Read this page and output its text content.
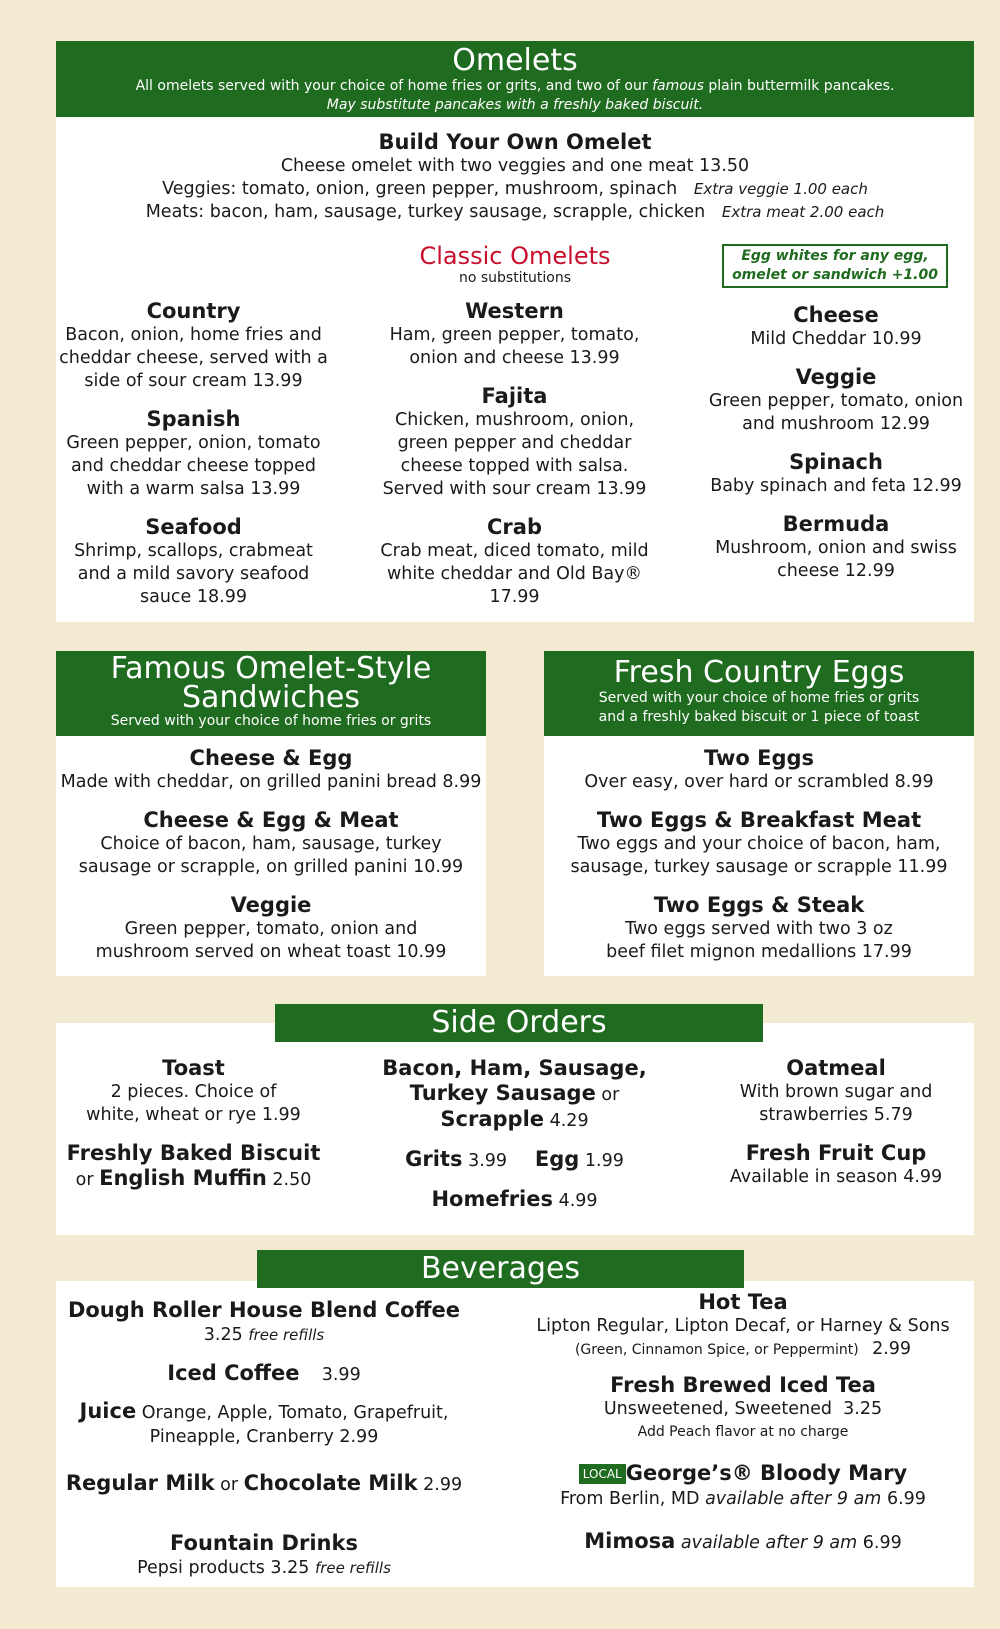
Omelets
All omelets served with your choice of home fries or grits, and two of our famous plain buttermilk pancakes.
May substitute pancakes with a freshly baked biscuit.
Build Your Own Omelet
Cheese omelet with two veggies and one meat 13.50
Veggies: tomato, onion, green pepper, mushroom, spinach Extra veggie 1.00 each
Meats: bacon, ham, sausage, turkey sausage, scrapple, chicken Extra meat 2.00 each
Classic Omelets
no substitutions
Egg whites for any egg, omelet or sandwich +1.00
Country
Bacon, onion, home fries and cheddar cheese, served with a side of sour cream 13.99
Spanish
Green pepper, onion, tomato and cheddar cheese topped with a warm salsa 13.99
Seafood
Shrimp, scallops, crabmeat and a mild savory seafood sauce 18.99
Western
Ham, green pepper, tomato, onion and cheese 13.99
Fajita
Chicken, mushroom, onion, green pepper and cheddar cheese topped with salsa. Served with sour cream 13.99
Crab
Crab meat, diced tomato, mild white cheddar and Old Bay® 17.99
Cheese
Mild Cheddar 10.99
Veggie
Green pepper, tomato, onion and mushroom 12.99
Spinach
Baby spinach and feta 12.99
Bermuda
Mushroom, onion and swiss cheese 12.99
Famous Omelet-Style
Sandwiches
Served with your choice of home fries or grits
Cheese & Egg
Made with cheddar, on grilled panini bread 8.99
Cheese & Egg & Meat
Choice of bacon, ham, sausage, turkey sausage or scrapple, on grilled panini 10.99
Veggie
Green pepper, tomato, onion and mushroom served on wheat toast 10.99
Fresh Country Eggs
Served with your choice of home fries or grits
and a freshly baked biscuit or 1 piece of toast
Two Eggs
Over easy, over hard or scrambled 8.99
Two Eggs & Breakfast Meat
Two eggs and your choice of bacon, ham, sausage, turkey sausage or scrapple 11.99
Two Eggs & Steak
Two eggs served with two 3 oz beef filet mignon medallions 17.99
Side Orders
Toast
2 pieces. Choice of white, wheat or rye 1.99
Freshly Baked Biscuit
or English Muffin 2.50
Bacon, Ham, Sausage,
Turkey Sausage or
Scrapple 4.29
Grits 3.99 Egg 1.99
Homefries 4.99
Oatmeal
With brown sugar and strawberries 5.79
Fresh Fruit Cup
Available in season 4.99
Beverages
Dough Roller House Blend Coffee
3.25 free refills
Iced Coffee 3.99
Juice Orange, Apple, Tomato, Grapefruit,
Pineapple, Cranberry 2.99
Regular Milk or Chocolate Milk 2.99
Fountain Drinks
Pepsi products 3.25 free refills
Hot Tea
Lipton Regular, Lipton Decaf, or Harney & Sons
(Green, Cinnamon Spice, or Peppermint) 2.99
Fresh Brewed Iced Tea
Unsweetened, Sweetened  3.25
Add Peach flavor at no charge
LOCAL George’s® Bloody Mary
From Berlin, MD available after 9 am 6.99
Mimosa available after 9 am 6.99
